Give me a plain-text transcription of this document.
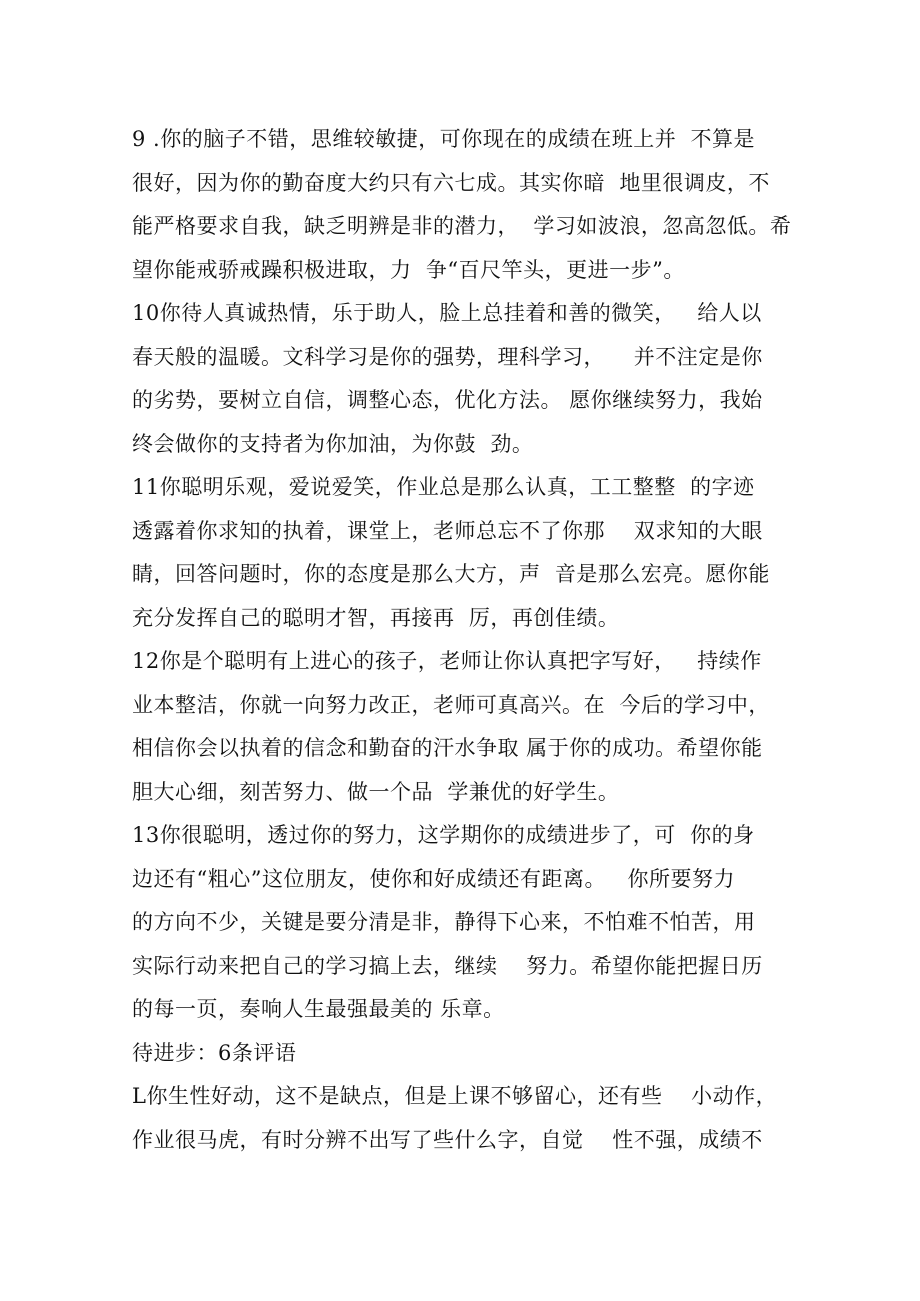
9 .你的脑子不错，思维较敏捷，可你现在的成绩在班上并  不算是
很好，因为你的勤奋度大约只有六七成。其实你暗  地里很调皮，不
能严格要求自我，缺乏明辨是非的潜力，  学习如波浪，忽高忽低。希
望你能戒骄戒躁积极进取，力  争“百尺竿头，更进一步”。
10你待人真诚热情，乐于助人，脸上总挂着和善的微笑，   给人以
春天般的温暖。文科学习是你的强势，理科学习，    并不注定是你
的劣势，要树立自信，调整心态，优化方法。 愿你继续努力，我始
终会做你的支持者为你加油，为你鼓  劲。
11你聪明乐观，爱说爱笑，作业总是那么认真，工工整整  的字迹
透露着你求知的执着，课堂上，老师总忘不了你那    双求知的大眼
睛，回答问题时，你的态度是那么大方，声  音是那么宏亮。愿你能
充分发挥自己的聪明才智，再接再  厉，再创佳绩。
12你是个聪明有上进心的孩子，老师让你认真把字写好，   持续作
业本整洁，你就一向努力改正，老师可真高兴。在  今后的学习中，
相信你会以执着的信念和勤奋的汗水争取 属于你的成功。希望你能
胆大心细，刻苦努力、做一个品  学兼优的好学生。
13你很聪明，透过你的努力，这学期你的成绩进步了，可  你的身
边还有“粗心”这位朋友，使你和好成绩还有距离。   你所要努力
的方向不少，关键是要分清是非，静得下心来，不怕难不怕苦，用
实际行动来把自己的学习搞上去，继续    努力。希望你能把握日历
的每一页，奏响人生最强最美的 乐章。
待进步：6条评语
L你生性好动，这不是缺点，但是上课不够留心，还有些    小动作，
作业很马虎，有时分辨不出写了些什么字，自觉    性不强，成绩不
